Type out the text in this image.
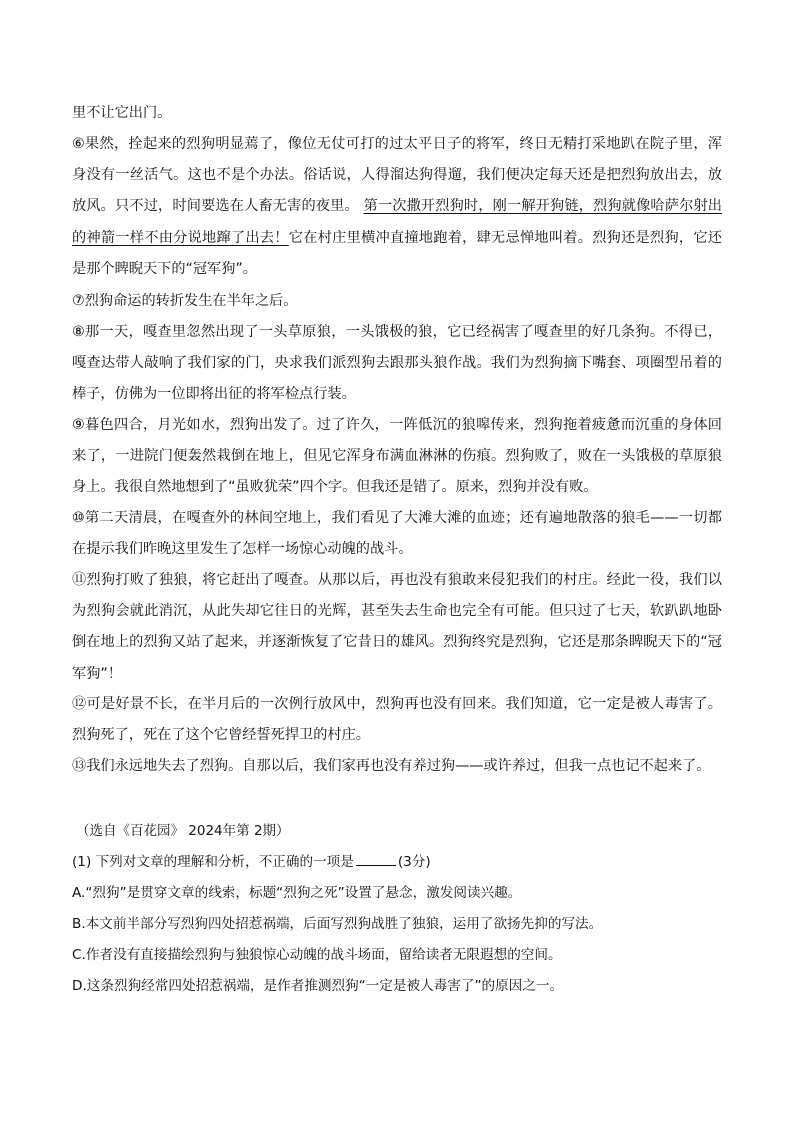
里不让它出门。

⑥果然，拴起来的烈狗明显蔫了，像位无仗可打的过太平日子的将军，终日无精打采地趴在院子里，浑身没有一丝活气。这也不是个办法。俗话说，人得溜达狗得遛，我们便决定每天还是把烈狗放出去，放放风。只不过，时间要选在人畜无害的夜里。 第一次撒开烈狗时，刚一解开狗链，烈狗就像哈萨尔射出的神箭一样不由分说地蹿了出去！它在村庄里横冲直撞地跑着，肆无忌惮地叫着。烈狗还是烈狗，它还是那个睥睨天下的“冠军狗”。

⑦烈狗命运的转折发生在半年之后。

⑧那一天，嘎查里忽然出现了一头草原狼，一头饿极的狼，它已经祸害了嘎查里的好几条狗。不得已，嘎查达带人敲响了我们家的门，央求我们派烈狗去跟那头狼作战。我们为烈狗摘下嘴套、项圈型吊着的棒子，仿佛为一位即将出征的将军检点行装。

⑨暮色四合，月光如水，烈狗出发了。过了许久，一阵低沉的狼嗥传来，烈狗拖着疲惫而沉重的身体回来了，一进院门便轰然栽倒在地上，但见它浑身布满血淋淋的伤痕。烈狗败了，败在一头饿极的草原狼身上。我很自然地想到了“虽败犹荣”四个字。但我还是错了。原来，烈狗并没有败。

⑩第二天清晨，在嘎查外的林间空地上，我们看见了大滩大滩的血迹；还有遍地散落的狼毛——一切都在提示我们昨晚这里发生了怎样一场惊心动魄的战斗。

⑪烈狗打败了独狼，将它赶出了嘎查。从那以后，再也没有狼敢来侵犯我们的村庄。经此一役，我们以为烈狗会就此消沉，从此失却它往日的光辉，甚至失去生命也完全有可能。但只过了七天，软趴趴地卧倒在地上的烈狗又站了起来，并逐渐恢复了它昔日的雄风。烈狗终究是烈狗，它还是那条睥睨天下的“冠军狗”！

⑫可是好景不长，在半月后的一次例行放风中，烈狗再也没有回来。我们知道，它一定是被人毒害了。烈狗死了，死在了这个它曾经誓死捍卫的村庄。

⑬我们永远地失去了烈狗。自那以后，我们家再也没有养过狗——或许养过，但我一点也记不起来了。

（选自《百花园》 2024年第 2期）
(1) 下列对文章的理解和分析，不正确的一项是	(3分)
A.“烈狗”是贯穿文章的线索，标题“烈狗之死”设置了悬念，激发阅读兴趣。
B.本文前半部分写烈狗四处招惹祸端，后面写烈狗战胜了独狼，运用了欲扬先抑的写法。
C.作者没有直接描绘烈狗与独狼惊心动魄的战斗场面，留给读者无限遐想的空间。
D.这条烈狗经常四处招惹祸端，是作者推测烈狗“一定是被人毒害了”的原因之一。
